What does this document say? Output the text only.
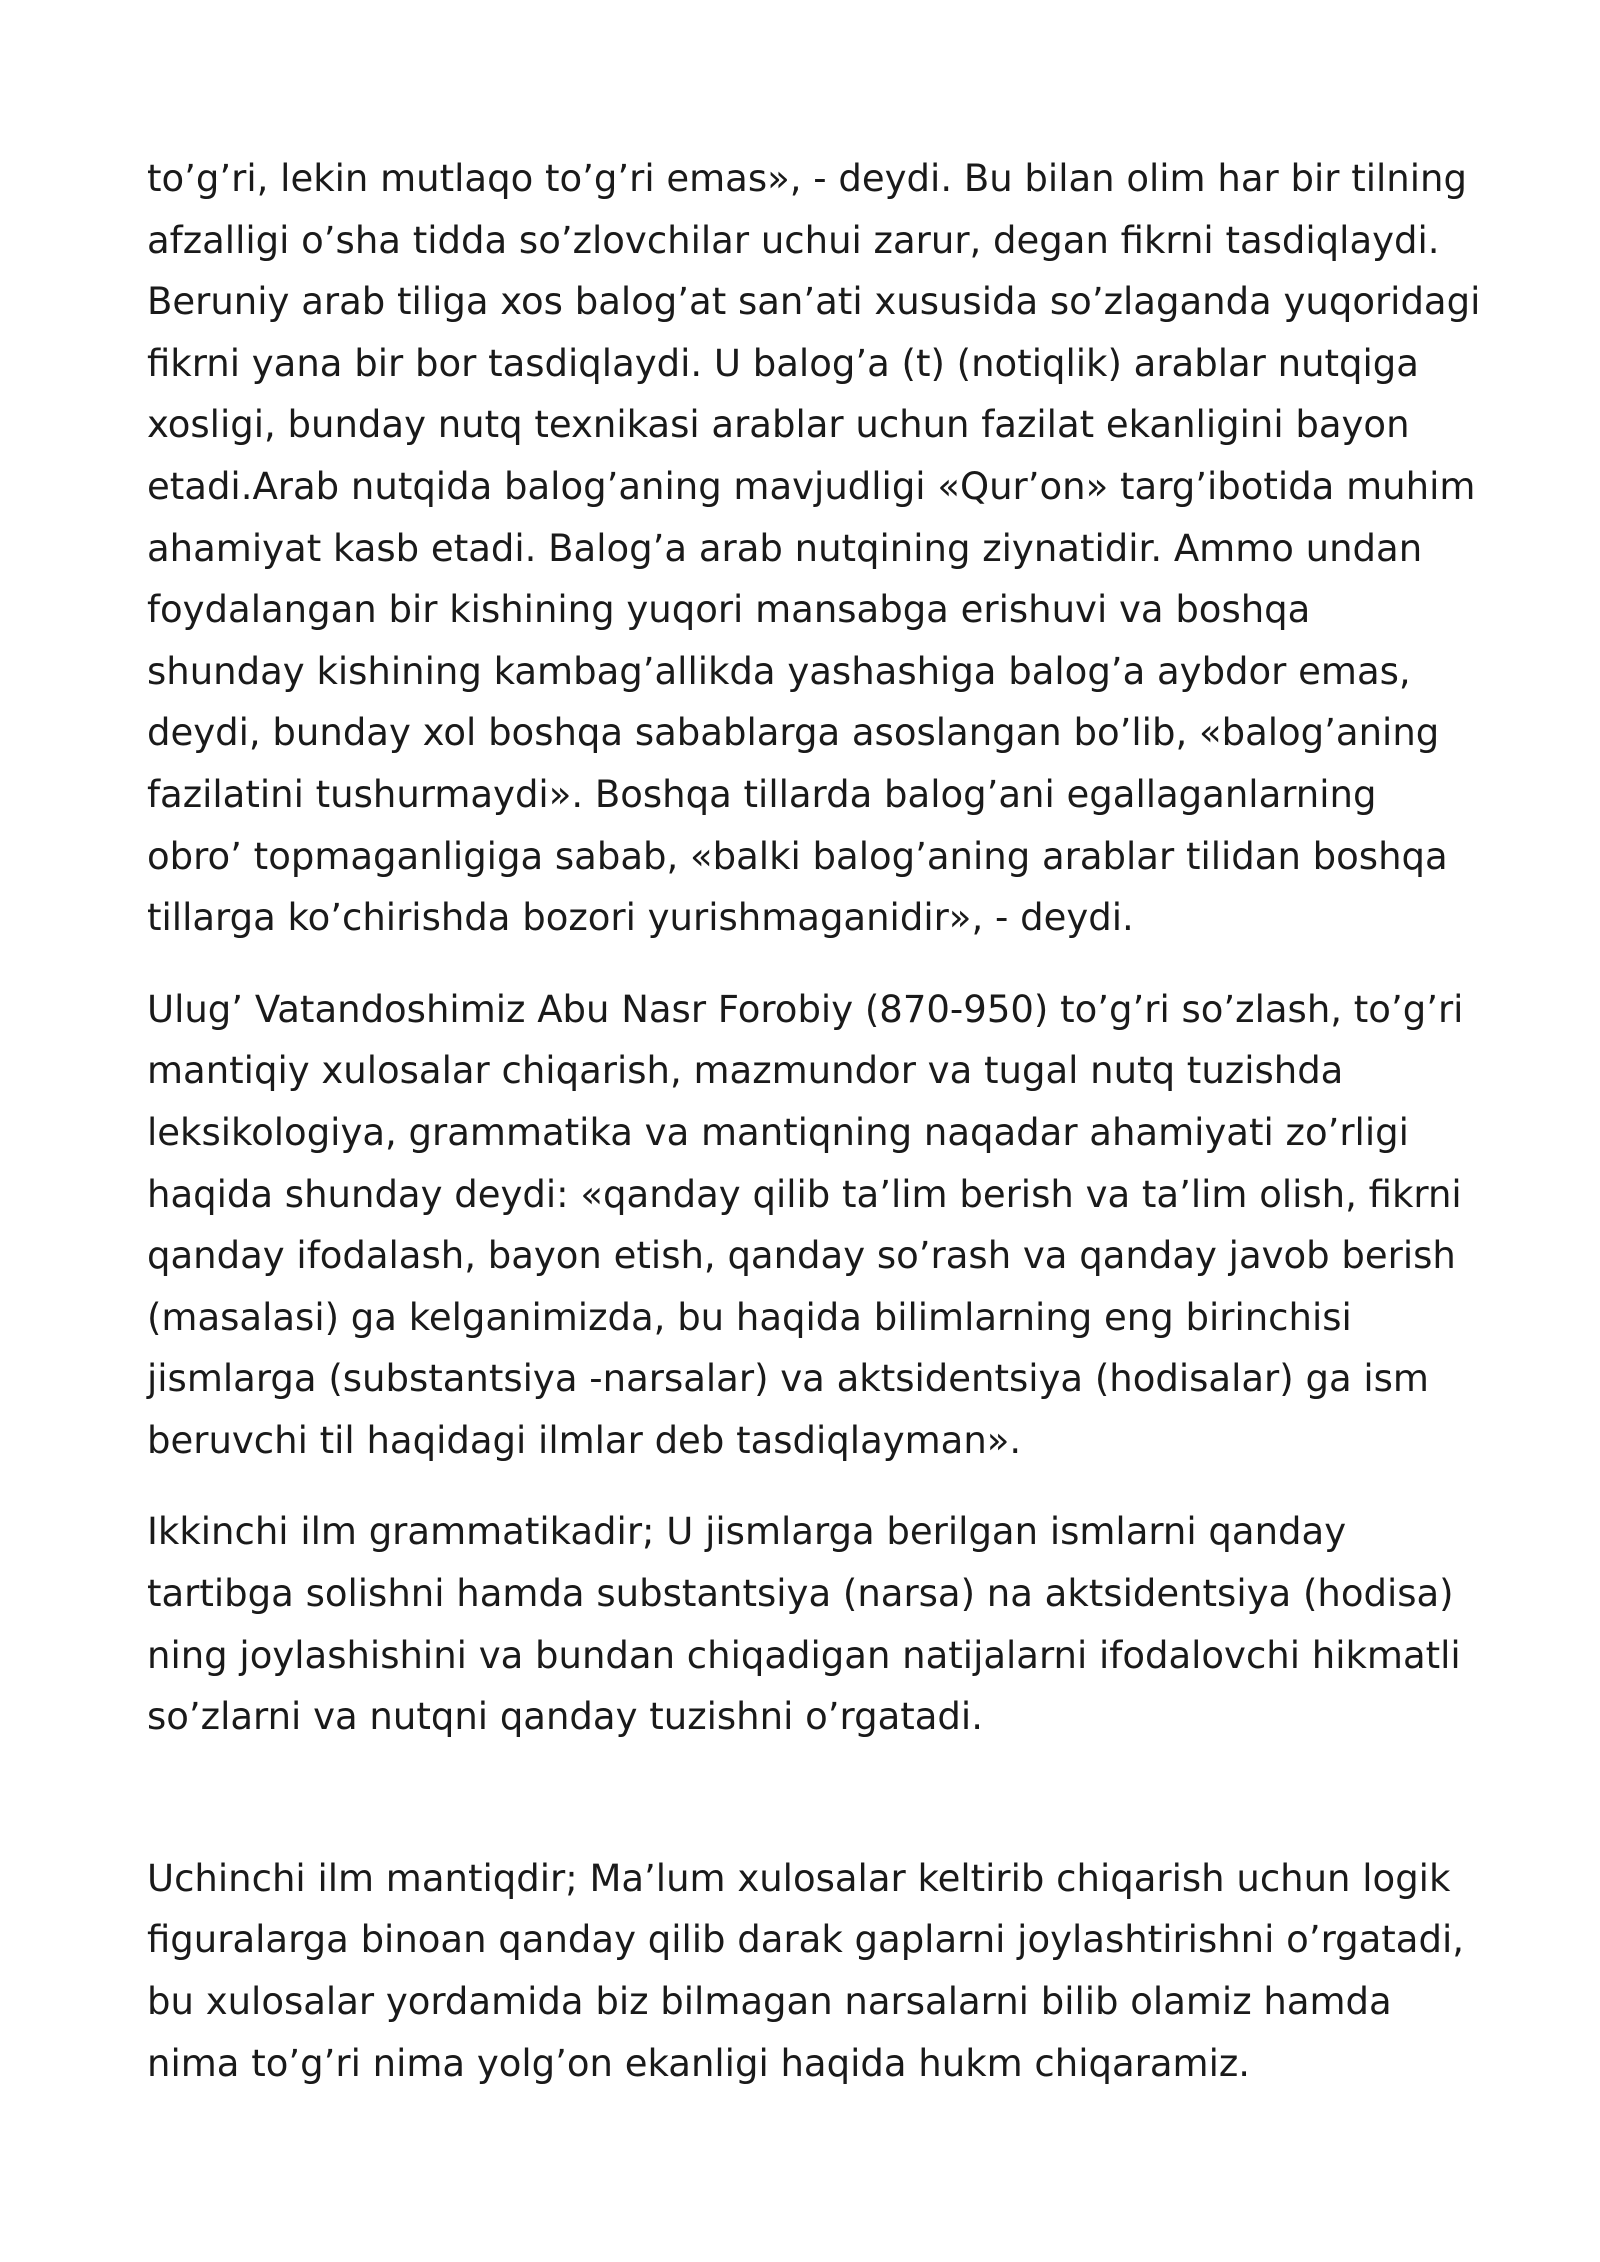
to’g’ri, lekin mutlaqo to’g’ri emas», - deydi. Bu bilan olim har bir tilning
afzalligi o’sha tidda so’zlovchilar uchui zarur, degan fikrni tasdiqlaydi.
Beruniy arab tiliga xos balog’at san’ati xususida so’zlaganda yuqoridagi
fikrni yana bir bor tasdiqlaydi. U balog’a (t) (notiqlik) arablar nutqiga
xosligi, bunday nutq texnikasi arablar uchun fazilat ekanligini bayon
etadi.Arab nutqida balog’aning mavjudligi «Qur’on» targ’ibotida muhim
ahamiyat kasb etadi. Balog’a arab nutqining ziynatidir. Ammo undan
foydalangan bir kishining yuqori mansabga erishuvi va boshqa
shunday kishining kambag’allikda yashashiga balog’a aybdor emas,
deydi, bunday xol boshqa sabablarga asoslangan bo’lib, «balog’aning
fazilatini tushurmaydi». Boshqa tillarda balog’ani egallaganlarning
obro’ topmaganligiga sabab, «balki balog’aning arablar tilidan boshqa
tillarga ko’chirishda bozori yurishmaganidir», - deydi.

Ulug’ Vatandoshimiz Abu Nasr Forobiy (870-950) to’g’ri so’zlash, to’g’ri
mantiqiy xulosalar chiqarish, mazmundor va tugal nutq tuzishda
leksikologiya, grammatika va mantiqning naqadar ahamiyati zo’rligi
haqida shunday deydi: «qanday qilib ta’lim berish va ta’lim olish, fikrni
qanday ifodalash, bayon etish, qanday so’rash va qanday javob berish
(masalasi) ga kelganimizda, bu haqida bilimlarning eng birinchisi
jismlarga (substantsiya -narsalar) va aktsidentsiya (hodisalar) ga ism
beruvchi til haqidagi ilmlar deb tasdiqlayman».

Ikkinchi ilm grammatikadir; U jismlarga berilgan ismlarni qanday
tartibga solishni hamda substantsiya (narsa) na aktsidentsiya (hodisa)
ning joylashishini va bundan chiqadigan natijalarni ifodalovchi hikmatli
so’zlarni va nutqni qanday tuzishni o’rgatadi.

Uchinchi ilm mantiqdir; Ma’lum xulosalar keltirib chiqarish uchun logik
figuralarga binoan qanday qilib darak gaplarni joylashtirishni o’rgatadi,
bu xulosalar yordamida biz bilmagan narsalarni bilib olamiz hamda
nima to’g’ri nima yolg’on ekanligi haqida hukm chiqaramiz.
